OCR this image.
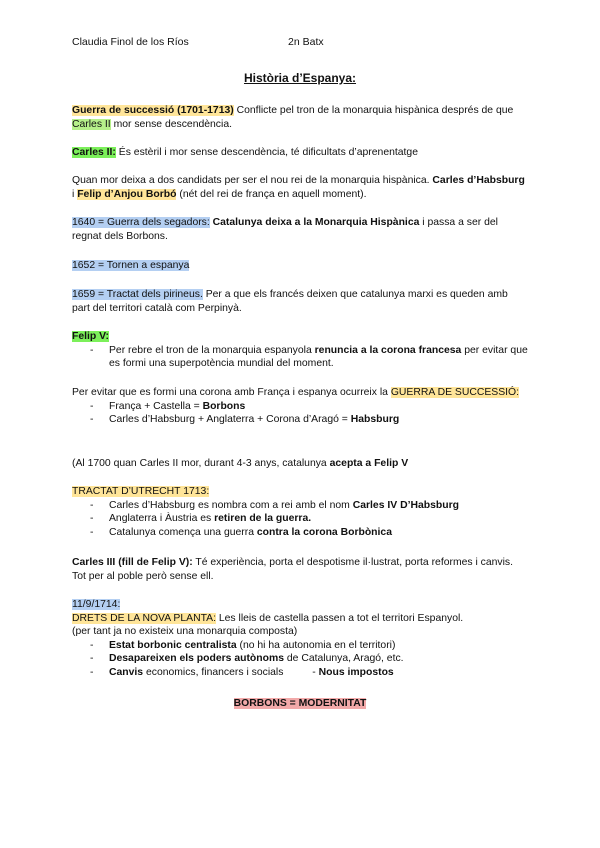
Claudia Finol de los Ríos	2n Batx
Història d’Espanya:
Guerra de successió (1701-1713) Conflicte pel tron de la monarquia hispànica després de que Carles II mor sense descendència.
Carles II: És estèril i mor sense descendència, té dificultats d’aprenentatge
Quan mor deixa a dos candidats per ser el nou rei de la monarquia hispànica. Carles d’Habsburg i Felip d’Anjou Borbó (nét del rei de frança en aquell moment).
1640 = Guerra dels segadors: Catalunya deixa a la Monarquia Hispànica i passa a ser del regnat dels Borbons.
1652 = Tornen a espanya
1659 = Tractat dels pirineus. Per a que els francés deixen que catalunya marxi es queden amb part del territori català com Perpinyà.
Felip V:
- Per rebre el tron de la monarquia espanyola renuncia a la corona francesa per evitar que es formi una superpotència mundial del moment.
Per evitar que es formi una corona amb França i espanya ocurreix la GUERRA DE SUCCESSIÓ:
- França + Castella = Borbons
- Carles d’Habsburg + Anglaterra + Corona d’Aragó = Habsburg
(Al 1700 quan Carles II mor, durant 4-3 anys, catalunya acepta a Felip V
TRACTAT D’UTRECHT 1713:
- Carles d’Habsburg es nombra com a rei amb el nom Carles IV D’Habsburg
- Anglaterra i Àustria es retiren de la guerra.
- Catalunya comença una guerra contra la corona Borbònica
Carles III (fill de Felip V): Té experiència, porta el despotisme il·lustrat, porta reformes i canvis. Tot per al poble però sense ell.
11/9/1714:
DRETS DE LA NOVA PLANTA: Les lleis de castella passen a tot el territori Espanyol.
(per tant ja no existeix una monarquia composta)
- Estat borbonic centralista (no hi ha autonomia en el territori)
- Desapareixen els poders autònoms de Catalunya, Aragó, etc.
- Canvis economics, financers i socials          - Nous impostos
BORBONS = MODERNITAT
